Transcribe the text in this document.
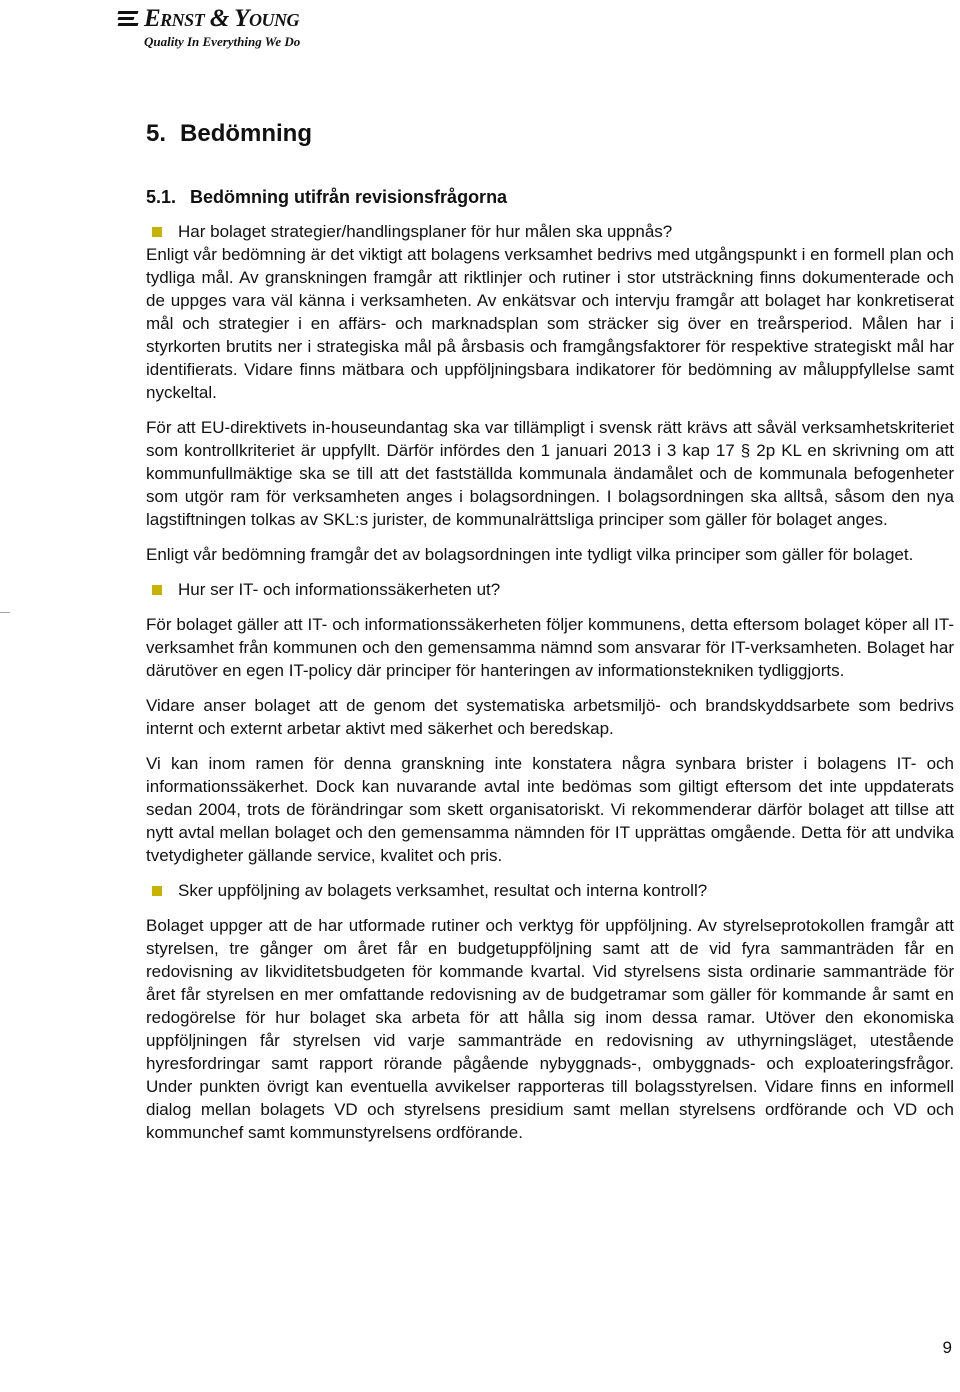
Ernst & Young
Quality In Everything We Do
5. Bedömning
5.1. Bedömning utifrån revisionsfrågorna
Har bolaget strategier/handlingsplaner för hur målen ska uppnås?

Enligt vår bedömning är det viktigt att bolagens verksamhet bedrivs med utgångspunkt i en formell plan och tydliga mål. Av granskningen framgår att riktlinjer och rutiner i stor utsträckning finns dokumenterade och de uppges vara väl känna i verksamheten. Av enkätsvar och intervju framgår att bolaget har konkretiserat mål och strategier i en affärs- och marknadsplan som sträcker sig över en treårsperiod. Målen har i styrkorten brutits ner i strategiska mål på årsbasis och framgångsfaktorer för respektive strategiskt mål har identifierats. Vidare finns mätbara och uppföljningsbara indikatorer för bedömning av måluppfyllelse samt nyckeltal.

För att EU-direktivets in-houseundantag ska var tillämpligt i svensk rätt krävs att såväl verksamhetskriteriet som kontrollkriteriet är uppfyllt. Därför infördes den 1 januari 2013 i 3 kap 17 § 2p KL en skrivning om att kommunfullmäktige ska se till att det fastställda kommunala ändamålet och de kommunala befogenheter som utgör ram för verksamheten anges i bolagsordningen. I bolagsordningen ska alltså, såsom den nya lagstiftningen tolkas av SKL:s jurister, de kommunalrättsliga principer som gäller för bolaget anges.

Enligt vår bedömning framgår det av bolagsordningen inte tydligt vilka principer som gäller för bolaget.

Hur ser IT- och informationssäkerheten ut?

För bolaget gäller att IT- och informationssäkerheten följer kommunens, detta eftersom bolaget köper all IT-verksamhet från kommunen och den gemensamma nämnd som ansvarar för IT-verksamheten. Bolaget har därutöver en egen IT-policy där principer för hanteringen av informationstekniken tydliggjorts.

Vidare anser bolaget att de genom det systematiska arbetsmiljö- och brandskyddsarbete som bedrivs internt och externt arbetar aktivt med säkerhet och beredskap.

Vi kan inom ramen för denna granskning inte konstatera några synbara brister i bolagens IT- och informationssäkerhet. Dock kan nuvarande avtal inte bedömas som giltigt eftersom det inte uppdaterats sedan 2004, trots de förändringar som skett organisatoriskt. Vi rekommenderar därför bolaget att tillse att nytt avtal mellan bolaget och den gemensamma nämnden för IT upprättas omgående. Detta för att undvika tvetydigheter gällande service, kvalitet och pris.

Sker uppföljning av bolagets verksamhet, resultat och interna kontroll?

Bolaget uppger att de har utformade rutiner och verktyg för uppföljning. Av styrelseprotokollen framgår att styrelsen, tre gånger om året får en budgetuppföljning samt att de vid fyra sammanträden får en redovisning av likviditetsbudgeten för kommande kvartal. Vid styrelsens sista ordinarie sammanträde för året får styrelsen en mer omfattande redovisning av de budgetramar som gäller för kommande år samt en redogörelse för hur bolaget ska arbeta för att hålla sig inom dessa ramar. Utöver den ekonomiska uppföljningen får styrelsen vid varje sammanträde en redovisning av uthyrningsläget, utestående hyresfordringar samt rapport rörande pågående nybyggnads-, ombyggnads- och exploateringsfrågor. Under punkten övrigt kan eventuella avvikelser rapporteras till bolagsstyrelsen. Vidare finns en informell dialog mellan bolagets VD och styrelsens presidium samt mellan styrelsens ordförande och VD och kommunchef samt kommunstyrelsens ordförande.

9
